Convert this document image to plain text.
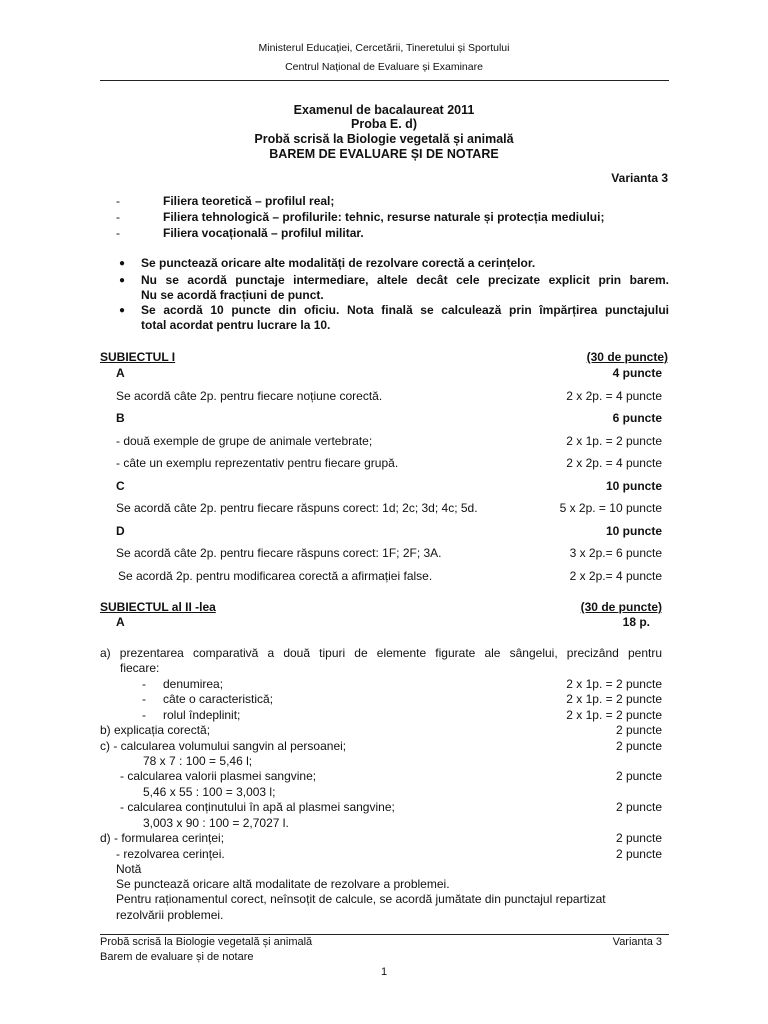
Ministerul Educației, Cercetării, Tineretului și Sportului
Centrul Național de Evaluare și Examinare
Examenul de bacalaureat 2011
Proba E. d)
Probă scrisă la Biologie vegetală și animală
BAREM DE EVALUARE ȘI DE NOTARE
Varianta 3
-	Filiera teoretică – profilul real;
-	Filiera tehnologică – profilurile: tehnic, resurse naturale și protecția mediului;
-	Filiera vocațională – profilul militar.
● Se punctează oricare alte modalități de rezolvare corectă a cerințelor.
● Nu se acordă punctaje intermediare, altele decât cele precizate explicit prin barem.
Nu se acordă fracțiuni de punct.
● Se acordă 10 puncte din oficiu. Nota finală se calculează prin împărțirea punctajului
total acordat pentru lucrare la 10.
SUBIECTUL I	(30 de puncte)
A	4 puncte
Se acordă câte 2p. pentru fiecare noțiune corectă.	2 x 2p. = 4 puncte
B	6 puncte
- două exemple de grupe de animale vertebrate;	2 x 1p. = 2 puncte
- câte un exemplu reprezentativ pentru fiecare grupă.	2 x 2p. = 4 puncte
C	10 puncte
Se acordă câte 2p. pentru fiecare răspuns corect: 1d; 2c; 3d; 4c; 5d.	5 x 2p. = 10 puncte
D	10 puncte
Se acordă câte 2p. pentru fiecare răspuns corect: 1F; 2F; 3A.	3 x 2p.= 6 puncte
Se acordă 2p. pentru modificarea corectă a afirmației false.	2 x 2p.= 4 puncte
SUBIECTUL al II -lea	(30 de puncte)
A	18 p.
a) prezentarea comparativă a două tipuri de elemente figurate ale sângelui, precizând pentru
fiecare:
- denumirea;	2 x 1p. = 2 puncte
- câte o caracteristică;	2 x 1p. = 2 puncte
- rolul îndeplinit;	2 x 1p. = 2 puncte
b) explicația corectă;	2 puncte
c) - calcularea volumului sangvin al persoanei;	2 puncte
78 x 7 : 100 = 5,46 l;
- calcularea valorii plasmei sangvine;	2 puncte
5,46 x 55 : 100 = 3,003 l;
- calcularea conținutului în apă al plasmei sangvine;	2 puncte
3,003 x 90 : 100 = 2,7027 l.
d) - formularea cerinței;	2 puncte
- rezolvarea cerinței.	2 puncte
Notă
Se punctează oricare altă modalitate de rezolvare a problemei.
Pentru raționamentul corect, neînsoțit de calcule, se acordă jumătate din punctajul repartizat
rezolvării problemei.
Probă scrisă la Biologie vegetală și animală	Varianta 3
Barem de evaluare și de notare
1
